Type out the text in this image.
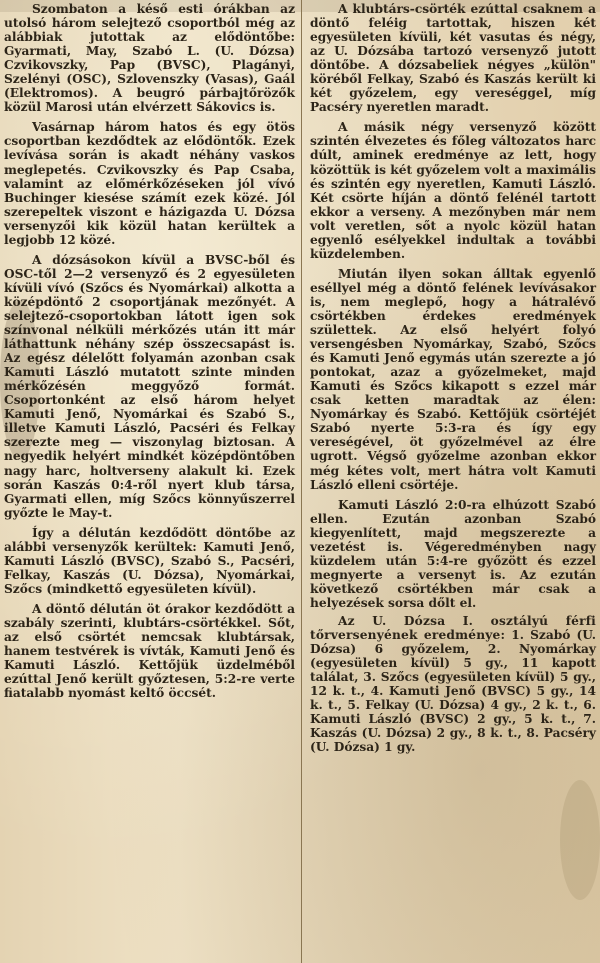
Szombaton a késő esti órákban az utolsó három selejtező csoportból még az alábbiak jutottak az elődöntőbe: Gyarmati, May, Szabó L. (U. Dózsa) Czvikovszky, Pap (BVSC), Plagányi, Szelényi (OSC), Szlovenszky (Vasas), Gaál (Elektromos). A beugró párbajtőrözők közül Marosi után elvérzett Sákovics is.

Vasárnap három hatos és egy ötös csoportban kezdődtek az elődöntők. Ezek levívása során is akadt néhány vaskos meglepetés. Czvikovszky és Pap Csaba, valamint az előmérkőzéseken jól vívó Buchinger kiesése számít ezek közé. Jól szerepeltek viszont e házigazda U. Dózsa versenyzői kik közül hatan kerültek a legjobb 12 közé.

A dózsásokon kívül a BVSC-ből és OSC-től 2—2 versenyző és 2 egyesületen kívüli vívó (Szőcs és Nyomárkai) alkotta a középdöntő 2 csoportjának mezőnyét. A selejtező-csoportokban látott igen sok színvonal nélküli mérkőzés után itt már láthattunk néhány szép összecsapást is. Az egész délelőtt folyamán azonban csak Kamuti László mutatott szinte minden mérkőzésén meggyőző formát. Csoportonként az első három helyet Kamuti Jenő, Nyomárkai és Szabó S., illetve Kamuti László, Pacséri és Felkay szerezte meg — viszonylag biztosan. A negyedik helyért mindkét középdöntőben nagy harc, holtverseny alakult ki. Ezek során Kaszás 0:4-ről nyert klub társa, Gyarmati ellen, míg Szőcs könnyűszerrel győzte le May-t.

Így a délután kezdődött döntőbe az alábbi versenyzők kerültek: Kamuti Jenő, Kamuti László (BVSC), Szabó S., Pacséri, Felkay, Kaszás (U. Dózsa), Nyomárkai, Szőcs (mindkettő egyesületen kívül).

A döntő délután öt órakor kezdődött a szabály szerinti, klubtárs-csörtékkel. Sőt, az első csörtét nemcsak klubtársak, hanem testvérek is vívták, Kamuti Jenő és Kamuti László. Kettőjük üzdelméből ezúttal Jenő került győztesen, 5:2-re verte fiatalabb nyomást keltő öccsét.

A klubtárs-csörték ezúttal csaknem a döntő feléig tartottak, hiszen két egyesületen kívüli, két vasutas és négy, az U. Dózsába tartozó versenyző jutott döntőbe. A dózsabeliek négyes „külön" köréből Felkay, Szabó és Kaszás került ki két győzelem, egy vereséggel, míg Pacséry nyeretlen maradt.

A másik négy versenyző között szintén élvezetes és főleg változatos harc dúlt, aminek eredménye az lett, hogy közöttük is két győzelem volt a maximális és szintén egy nyeretlen, Kamuti László. Két csörte híján a döntő felénél tartott ekkor a verseny. A mezőnyben már nem volt veretlen, sőt a nyolc közül hatan egyenlő esélyekkel indultak a további küzdelemben.

Miután ilyen sokan álltak egyenlő eséllyel még a döntő felének levívásakor is, nem meglepő, hogy a hátralévő csörtékben érdekes eredmények születtek. Az első helyért folyó versengésben Nyomárkay, Szabó, Szőcs és Kamuti Jenő egymás után szerezte a jó pontokat, azaz a győzelmeket, majd Kamuti és Szőcs kikapott s ezzel már csak ketten maradtak az élen: Nyomárkay és Szabó. Kettőjük csörtéjét Szabó nyerte 5:3-ra és így egy vereségével, öt győzelmével az élre ugrott. Végső győzelme azonban ekkor még kétes volt, mert hátra volt Kamuti László elleni csörtéje.

Kamuti László 2:0-ra elhúzott Szabó ellen. Ezután azonban Szabó kiegyenlített, majd megszerezte a vezetést is. Végeredményben nagy küzdelem után 5:4-re győzött és ezzel megnyerte a versenyt is. Az ezután következő csörtékben már csak a helyezések sorsa dőlt el.

Az U. Dózsa I. osztályú férfi tőrversenyének eredménye: 1. Szabó (U. Dózsa) 6 győzelem, 2. Nyomárkay (egyesületen kívül) 5 gy., 11 kapott találat, 3. Szőcs (egyesületen kívül) 5 gy., 12 k. t., 4. Kamuti Jenő (BVSC) 5 gy., 14 k. t., 5. Felkay (U. Dózsa) 4 gy., 2 k. t., 6. Kamuti László (BVSC) 2 gy., 5 k. t., 7. Kaszás (U. Dózsa) 2 gy., 8 k. t., 8. Pacséry (U. Dózsa) 1 gy.
